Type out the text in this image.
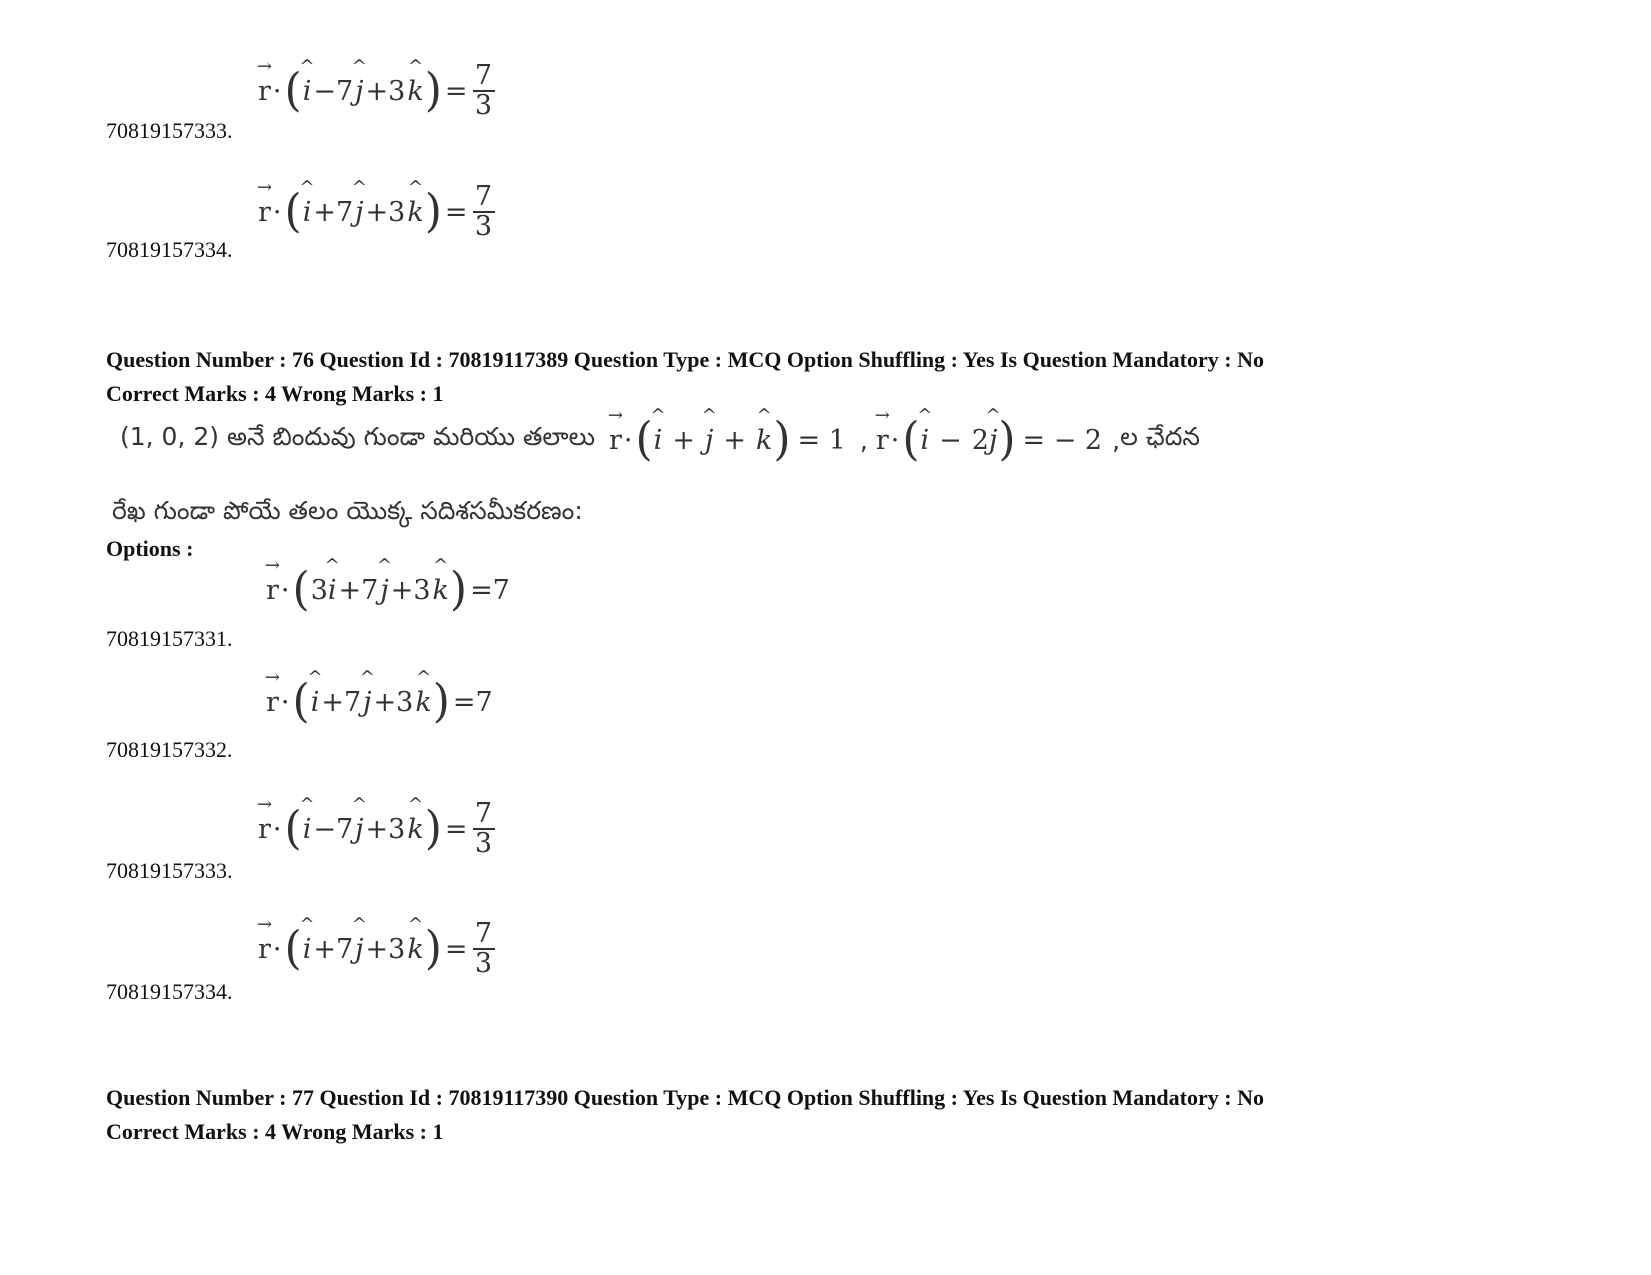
→
r · (
^
i −7
^
j +3
^
k ) = $\frac{7}{3}$
70819157333.
→
r · (
^
i +7
^
j +3
^
k ) = $\frac{7}{3}$
70819157334.
Question Number : 76 Question Id : 70819117389 Question Type : MCQ Option Shuffling : Yes Is Question Mandatory : No
Correct Marks : 4 Wrong Marks : 1
(1, 0, 2) అనే బిందువు గుండా మరియు తలాలు
→
r · (
^
i +
^
j +
^
k ) = 1 ,
→
r · (
^
i − 2
^
j ) = − 2 , ల ఛేదన
రేఖ గుండా పోయే తలం యొక్క సదిశసమీకరణం:
Options :
→
r · ( 3
^
i +7
^
j +3
^
k ) =7
70819157331.
→
r · (
^
i +7
^
j +3
^
k ) =7
70819157332.
→
r · (
^
i −7
^
j +3
^
k ) = $\frac{7}{3}$
70819157333.
→
r · (
^
i +7
^
j +3
^
k ) = $\frac{7}{3}$
70819157334.
Question Number : 77 Question Id : 70819117390 Question Type : MCQ Option Shuffling : Yes Is Question Mandatory : No
Correct Marks : 4 Wrong Marks : 1
